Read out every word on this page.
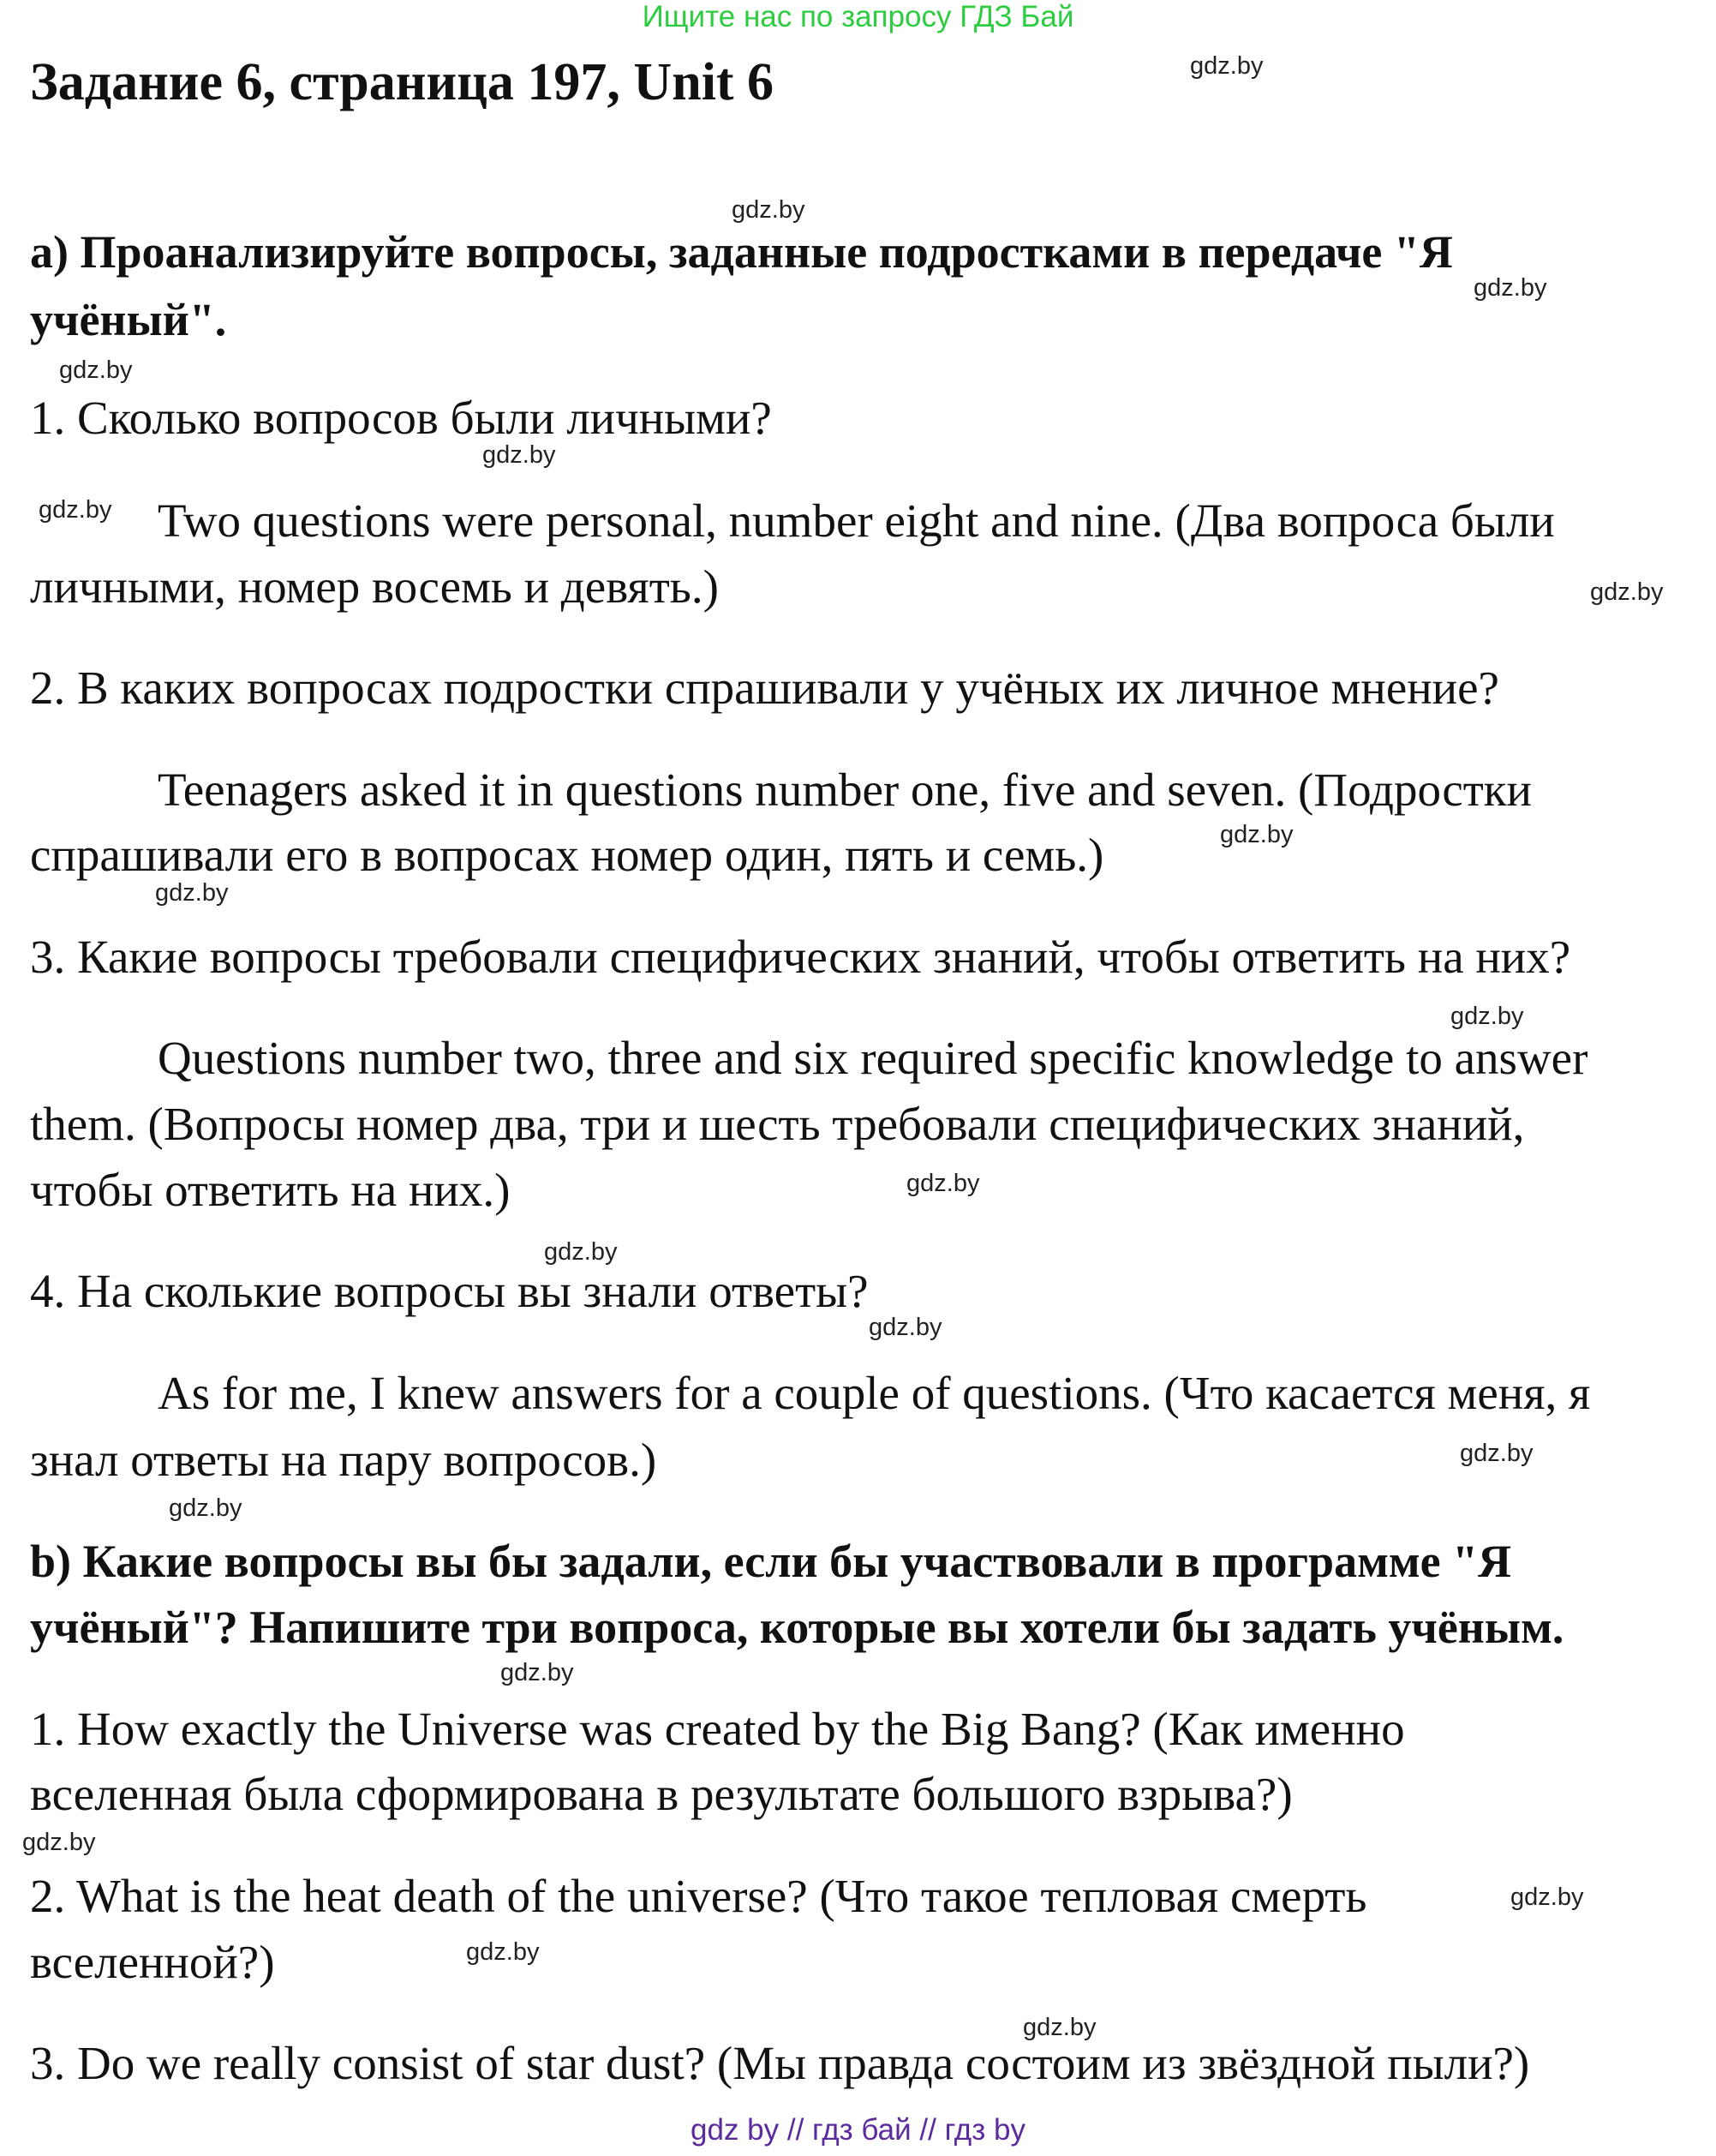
Ищите нас по запросу ГДЗ Бай
Задание 6, страница 197, Unit 6
а) Проанализируйте вопросы, заданные подростками в передаче "Я
учёный".
1. Сколько вопросов были личными?
Two questions were personal, number eight and nine. (Два вопроса были
личными, номер восемь и девять.)
2. В каких вопросах подростки спрашивали у учёных их личное мнение?
Teenagers asked it in questions number one, five and seven. (Подростки
спрашивали его в вопросах номер один, пять и семь.)
3. Какие вопросы требовали специфических знаний, чтобы ответить на них?
Questions number two, three and six required specific knowledge to answer
them. (Вопросы номер два, три и шесть требовали специфических знаний,
чтобы ответить на них.)
4. На сколькие вопросы вы знали ответы?
As for me, I knew answers for a couple of questions. (Что касается меня, я
знал ответы на пару вопросов.)
b) Какие вопросы вы бы задали, если бы участвовали в программе "Я
учёный"? Напишите три вопроса, которые вы хотели бы задать учёным.
1. How exactly the Universe was created by the Big Bang? (Как именно
вселенная была сформирована в результате большого взрыва?)
2. What is the heat death of the universe? (Что такое тепловая смерть
вселенной?)
3. Do we really consist of star dust? (Мы правда состоим из звёздной пыли?)
gdz.by
gdz.by
gdz.by
gdz.by
gdz.by
gdz.by
gdz.by
gdz.by
gdz.by
gdz.by
gdz.by
gdz.by
gdz.by
gdz.by
gdz.by
gdz.by
gdz.by
gdz.by
gdz.by
gdz.by
gdz by // гдз бай // гдз by
